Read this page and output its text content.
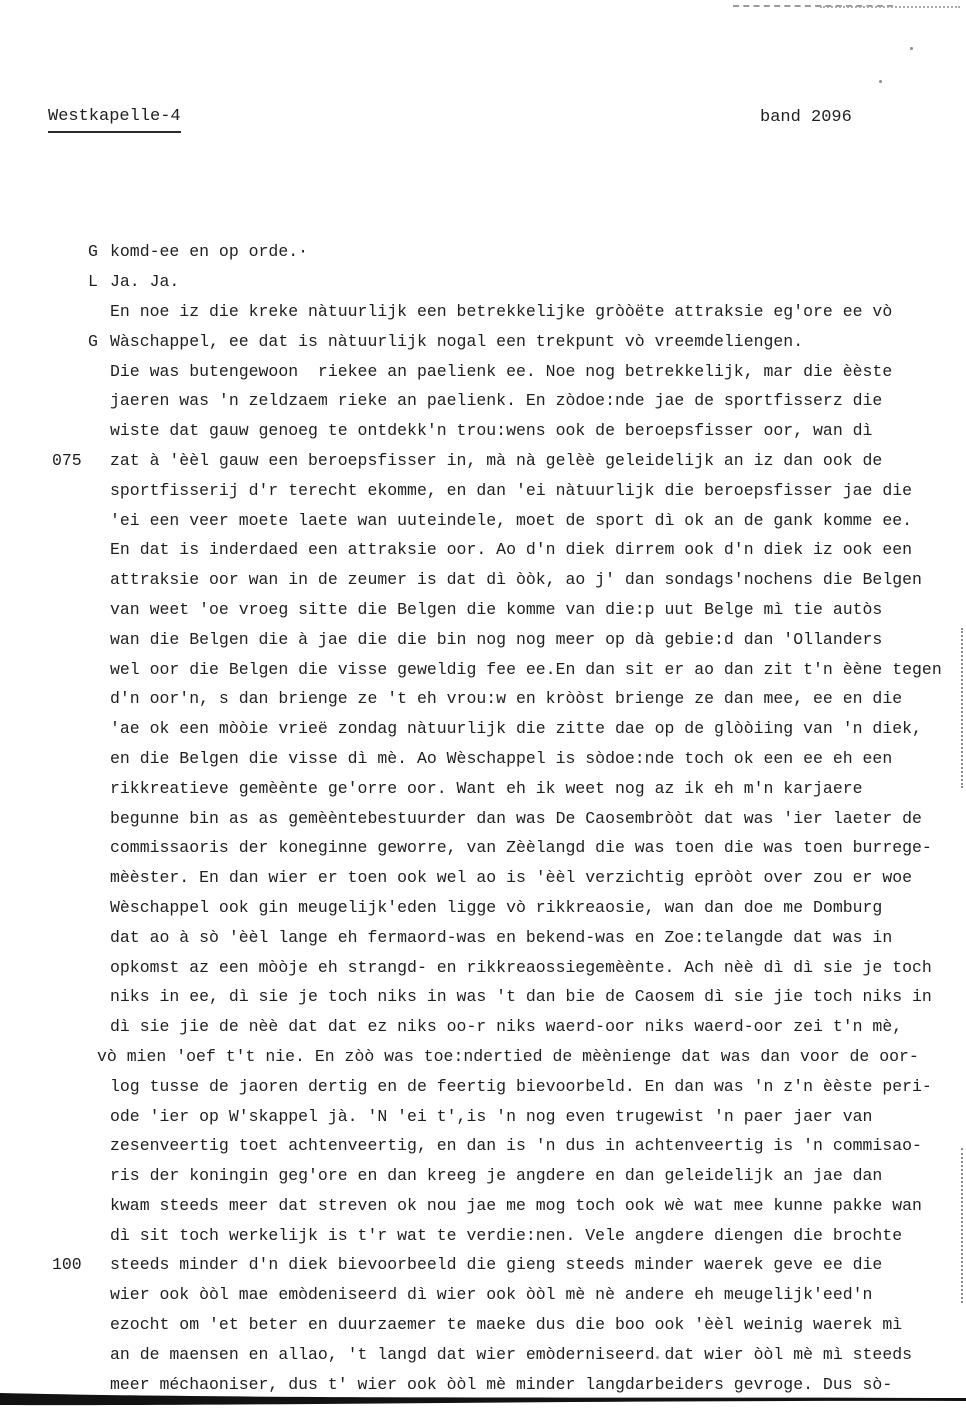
Westkapelle-4	band 2096

komd-ee en op orde.·

G

Ja. Ja.

L

En noe iz die kreke nàtuurlijk een betrekkelijke gròòëte attraksie eg'ore ee vò

Wàschappel, ee dat is nàtuurlijk nogal een trekpunt vò vreemdeliengen.

G

Die was butengewoon  riekee an paelienk ee. Noe nog betrekkelijk, mar die èèste

jaeren was 'n zeldzaem rieke an paelienk. En zòdoe:nde jae de sportfisserz die

wiste dat gauw genoeg te ontdekk'n trou:wens ook de beroepsfisser oor, wan dì

zat à 'èèl gauw een beroepsfisser in, mà nà gelèè geleidelijk an iz dan ook de

sportfisserij d'r terecht ekomme, en dan 'ei nàtuurlijk die beroepsfisser jae die

075

'ei een veer moete laete wan uuteindele, moet de sport dì ok an de gank komme ee.

En dat is inderdaed een attraksie oor. Ao d'n diek dirrem ook d'n diek iz ook een

attraksie oor wan in de zeumer is dat dì òòk, ao j' dan sondags'nochens die Belgen

van weet 'oe vroeg sitte die Belgen die komme van die:p uut Belge mì tie autòs

wan die Belgen die à jae die die bin nog nog meer op dà gebie:d dan 'Ollanders

wel oor die Belgen die visse geweldig fee ee.En dan sit er ao dan zit t'n èène tegen

d'n oor'n, s dan brienge ze 't eh vrou:w en kròòst brienge ze dan mee, ee en die

'ae ok een mòòie vrieë zondag nàtuurlijk die zitte dae op de glòòiing van 'n diek,

en die Belgen die visse dì mè. Ao Wèschappel is sòdoe:nde toch ok een ee eh een

rikkreatieve gemèènte ge'orre oor. Want eh ik weet nog az ik eh m'n karjaere

begunne bin as as gemèèntebestuurder dan was De Caosembròòt dat was 'ier laeter de

commissaoris der koneginne geworre, van Zèèlangd die was toen die was toen burrege-

mèèster. En dan wier er toen ook wel ao is 'èèl verzichtig epròòt over zou er woe

Wèschappel ook gin meugelijk'eden ligge vò rikkreaosie, wan dan doe me Domburg

dat ao à sò 'èèl lange eh fermaord-was en bekend-was en Zoe:telangde dat was in

opkomst az een mòòje eh strangd- en rikkreaossiegemèènte. Ach nèè dì dì sie je toch

niks in ee, dì sie je toch niks in was 't dan bie de Caosem dì sie jie toch niks in

dì sie jie de nèè dat dat ez niks oo-r niks waerd-oor niks waerd-oor zei t'n mè,

vò mien 'oef t't nie. En zòò was toe:ndertied de mèènienge dat was dan voor de oor-

log tusse de jaoren dertig en de feertig bievoorbeld. En dan was 'n z'n èèste peri-

ode 'ier op W'skappel jà. 'N 'ei t',is 'n nog even trugewist 'n paer jaer van

zesenveertig toet achtenveertig, en dan is 'n dus in achtenveertig is 'n commisao-

ris der koningin geg'ore en dan kreeg je angdere en dan geleidelijk an jae dan

kwam steeds meer dat streven ok nou jae me mog toch ook wè wat mee kunne pakke wan

dì sit toch werkelijk is t'r wat te verdie:nen. Vele angdere diengen die brochte

steeds minder d'n diek bievoorbeeld die gieng steeds minder waerek geve ee die

wier ook òòl mae emòdeniseerd dì wier ook òòl mè nè andere eh meugelijk'eed'n

100

ezocht om 'et beter en duurzaemer te maeke dus die boo ook 'èèl weinig waerek mì

an de maensen en allao, 't langd dat wier emòderniseerd dat wier òòl mè mì steeds

meer méchaoniser, dus t' wier ook òòl mè minder langdarbeiders gevroge. Dus sò-
